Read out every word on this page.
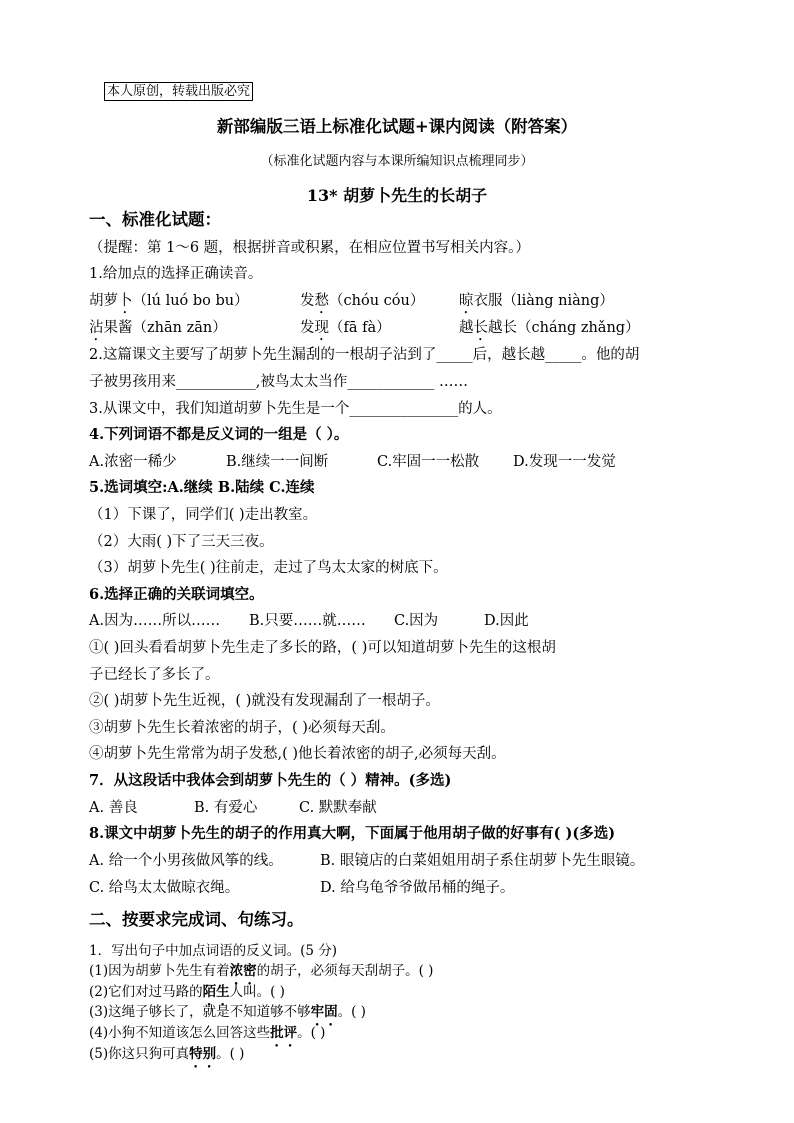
本人原创，转载出版必究
新部编版三语上标准化试题+课内阅读（附答案）
（标准化试题内容与本课所编知识点梳理同步）
13* 胡萝卜先生的长胡子
一、标准化试题：
（提醒：第 1～6 题，根据拼音或积累，在相应位置书写相关内容。）
1.给加点的选择正确读音。
胡萝卜（lú luó bo bu）	发愁（chóu cóu） 晾衣服（liàng niàng）
沾果酱（zhān zān）	发现（fā fà）	越长越长（cháng zhǎng）
2.这篇课文主要写了胡萝卜先生漏刮的一根胡子沾到了_____后，越长越_____。他的胡
子被男孩用来___________,被鸟太太当作____________ ……
3.从课文中，我们知道胡萝卜先生是一个_______________的人。
4.下列词语不都是反义词的一组是（ ）。
A.浓密一稀少	B.继续一一间断	C.牢固一一松散 D.发现一一发觉
5.选词填空:A.继续 B.陆续 C.连续
（1）下课了，同学们( )走出教室。
（2）大雨( )下了三天三夜。
（3）胡萝卜先生( )往前走，走过了鸟太太家的树底下。
6.选择正确的关联词填空。
A.因为……所以…… B.只要……就…… C.因为	D.因此
①( )回头看看胡萝卜先生走了多长的路，( )可以知道胡萝卜先生的这根胡
子已经长了多长了。
②( )胡萝卜先生近视，( )就没有发现漏刮了一根胡子。
③胡萝卜先生长着浓密的胡子，( )必须每天刮。
④胡萝卜先生常常为胡子发愁,( )他长着浓密的胡子,必须每天刮。
7．从这段话中我体会到胡萝卜先生的（ ）精神。(多选)
A. 善良	B. 有爱心	C. 默默奉献
8.课文中胡萝卜先生的胡子的作用真大啊，下面属于他用胡子做的好事有( )(多选)
A. 给一个小男孩做风筝的线。	B. 眼镜店的白菜姐姐用胡子系住胡萝卜先生眼镜。
C. 给鸟太太做晾衣绳。	D. 给乌龟爷爷做吊桶的绳子。
二、按要求完成词、句练习。
1．写出句子中加点词语的反义词。(5 分)
(1)因为胡萝卜先生有着浓密的胡子，必须每天刮胡子。( )
(2)它们对过马路的陌生人叫。( )
(3)这绳子够长了，就是不知道够不够牢固。( )
(4)小狗不知道该怎么回答这些批评。( )
(5)你这只狗可真特别。( )
